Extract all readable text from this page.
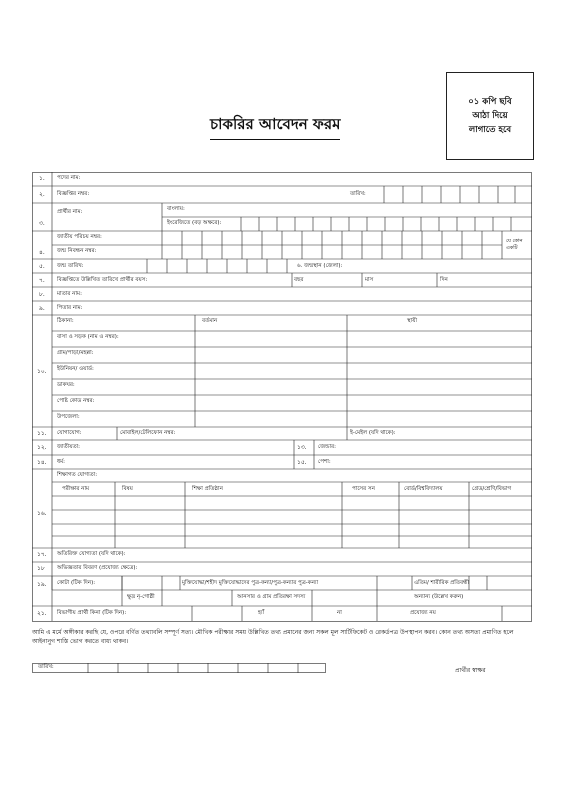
০১ কপি ছবি
আঠা দিয়ে
লাগাতে হবে
চাকরির আবেদন ফরম
১. পদের নাম:
২. বিজ্ঞপ্তির নম্বর:	তারিখ:
৩.
প্রার্থীর নাম:	বাংলায়:
ইংরেজিতে (বড় অক্ষরে):
৪.
জাতীয় পরিচয় নম্বর:
জন্ম নিবন্ধন নম্বর:
যে কোন একটি
৫. জন্ম তারিখ:	৬. জন্মস্থান (জেলা):
৭. বিজ্ঞপ্তিতে উল্লিখিত তারিখে প্রার্থীর বয়স:	বছর	মাস	দিন
৮. মাতার নাম:
৯. পিতার নাম:
১০.
ঠিকানা:	বর্তমান	স্থায়ী
বাসা ও সড়ক (নাম ও নম্বর):
গ্রাম/পাড়া/মহল্লা:
ইউনিয়ন/ ওয়ার্ড:
ডাকঘর:
পোষ্ট কোড নম্বর:
উপজেলা:
১১. যোগাযোগ:	মোবাইল/টেলিফোন নম্বর:	ই-মেইল (যদি থাকে):
১২. জাতীয়তা:	১৩. জেন্ডার:
১৪. ধর্ম:	১৫. পেশা:
১৬.
শিক্ষাগত যোগ্যতা:
পরীক্ষার নাম	বিষয়	শিক্ষা প্রতিষ্ঠান	পাসের সন	বোর্ড/বিশ্ববিদ্যালয়	গ্রেড/শ্রেণি/বিভাগ
১৭. অতিরিক্ত যোগ্যতা (যদি থাকে):
১৮ অভিজ্ঞতার বিবরণ (প্রযোজ্য ক্ষেত্রে):
১৯. কোটা (টিক দিন):	মুক্তিযোদ্ধা/শহীদ মুক্তিযোদ্ধাদের পুত্র-কন্যা/পুত্র-কন্যার পুত্র-কন্যা	এতিম/ শারীরিক প্রতিবন্ধী
ক্ষুদ্র নৃ-গোষ্ঠী	আনসার ও গ্রাম প্রতিরক্ষা সদস্য	অন্যান্য (উল্লেখ করুন)
২১. বিভাগীয় প্রার্থী কিনা (টিক দিন):	হ্যাঁ	না	প্রযোজ্য নয়
আমি এ মর্মে অঙ্গীকার করছি যে, ওপরে বর্ণিত তথ্যাবলি সম্পূর্ণ সত্য। মৌখিক পরীক্ষার সময় উল্লিখিত তথ্য প্রমানের জন্য সকল মূল সার্টিফিকেট ও রেকর্ডপত্র উপস্থাপন করব। কোন তথ্য অসত্য প্রমাণিত হলে আইনানুগ শাস্তি ভোগ করতে বাধ্য থাকব।
তারিখ:	প্রার্থীর স্বাক্ষর
